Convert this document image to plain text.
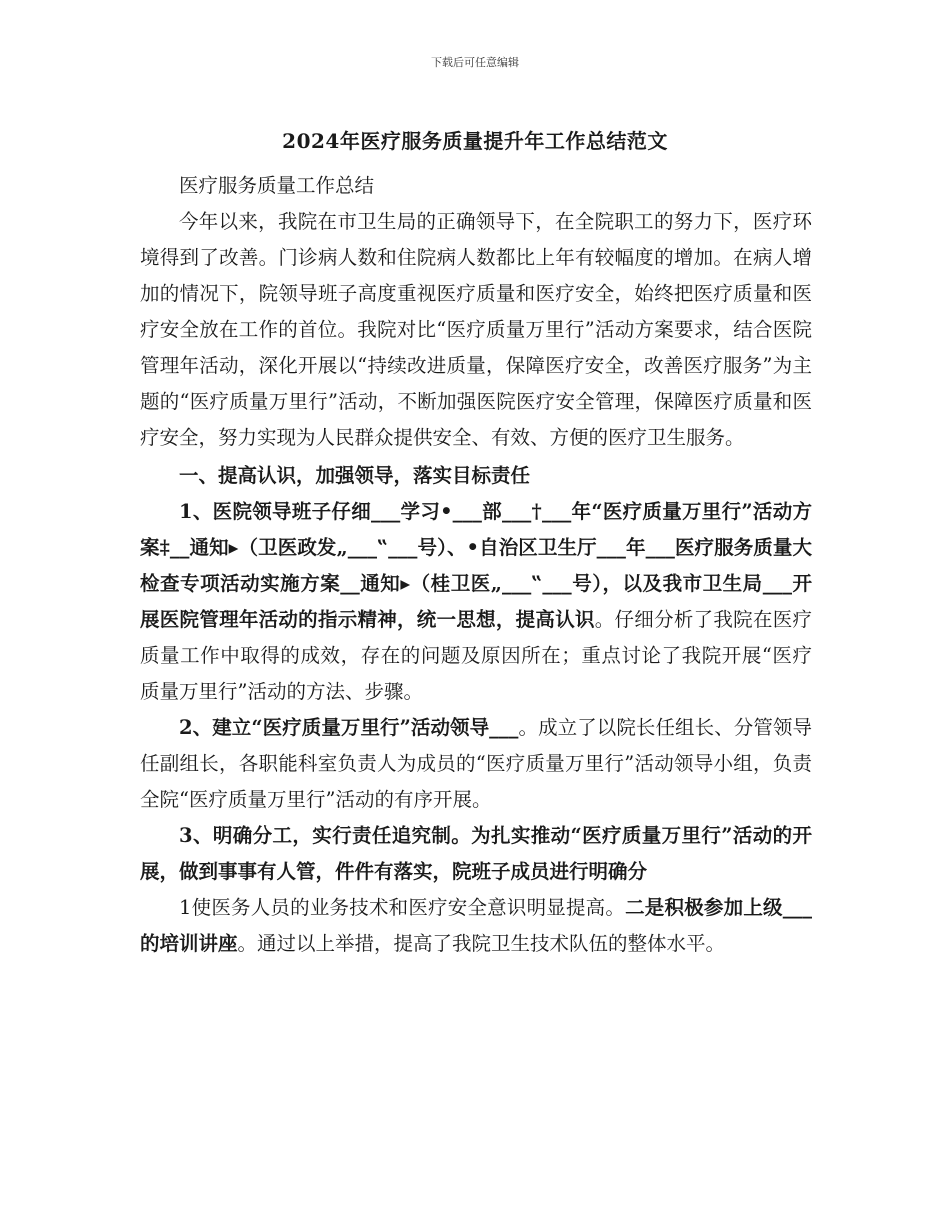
下载后可任意编辑
2024年医疗服务质量提升年工作总结范文

医疗服务质量工作总结

今年以来，我院在市卫生局的正确领导下，在全院职工的努力下，医疗环境得到了改善。门诊病人数和住院病人数都比上年有较幅度的增加。在病人增加的情况下，院领导班子高度重视医疗质量和医疗安全，始终把医疗质量和医疗安全放在工作的首位。我院对比“医疗质量万里行”活动方案要求，结合医院管理年活动，深化开展以“持续改进质量，保障医疗安全，改善医疗服务”为主题的“医疗质量万里行”活动，不断加强医院医疗安全管理，保障医疗质量和医疗安全，努力实现为人民群众提供安全、有效、方便的医疗卫生服务。

一、提高认识，加强领导，落实目标责任

1、医院领导班子仔细___学习•___部___†___年“医疗质量万里行”活动方案‡__通知▸（卫医政发„___‟___号）、•自治区卫生厅___年___医疗服务质量大检查专项活动实施方案__通知▸（桂卫医„___‟___号），以及我市卫生局___开展医院管理年活动的指示精神，统一思想，提高认识。仔细分析了我院在医疗质量工作中取得的成效，存在的问题及原因所在；重点讨论了我院开展“医疗质量万里行”活动的方法、步骤。

2、建立“医疗质量万里行”活动领导___。成立了以院长任组长、分管领导任副组长，各职能科室负责人为成员的“医疗质量万里行”活动领导小组，负责全院“医疗质量万里行”活动的有序开展。

3、明确分工，实行责任追究制。为扎实推动“医疗质量万里行”活动的开展，做到事事有人管，件件有落实，院班子成员进行明确分

1使医务人员的业务技术和医疗安全意识明显提高。二是积极参加上级___的培训讲座。通过以上举措，提高了我院卫生技术队伍的整体水平。
